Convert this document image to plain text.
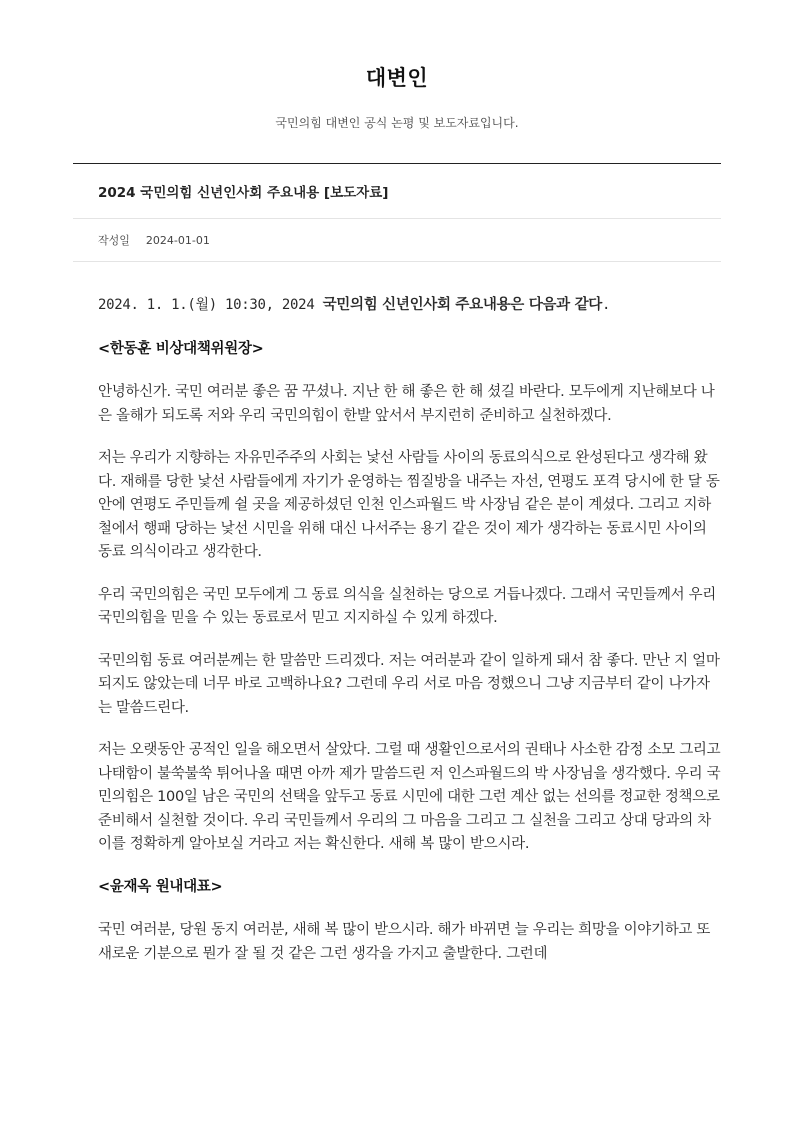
대변인
국민의힘 대변인 공식 논평 및 보도자료입니다.
2024 국민의힘 신년인사회 주요내용 [보도자료]
작성일 2024-01-01

2024. 1. 1.(월) 10:30, 2024 국민의힘 신년인사회 주요내용은 다음과 같다.

<한동훈 비상대책위원장>

안녕하신가. 국민 여러분 좋은 꿈 꾸셨나. 지난 한 해 좋은 한 해 셨길 바란다. 모두에게 지난해보다 나은 올해가 되도록 저와 우리 국민의힘이 한발 앞서서 부지런히 준비하고 실천하겠다.

저는 우리가 지향하는 자유민주주의 사회는 낯선 사람들 사이의 동료의식으로 완성된다고 생각해 왔다. 재해를 당한 낯선 사람들에게 자기가 운영하는 찜질방을 내주는 자선, 연평도 포격 당시에 한 달 동안에 연평도 주민들께 쉴 곳을 제공하셨던 인천 인스파월드 박 사장님 같은 분이 계셨다. 그리고 지하철에서 행패 당하는 낯선 시민을 위해 대신 나서주는 용기 같은 것이 제가 생각하는 동료시민 사이의 동료 의식이라고 생각한다.

우리 국민의힘은 국민 모두에게 그 동료 의식을 실천하는 당으로 거듭나겠다. 그래서 국민들께서 우리 국민의힘을 믿을 수 있는 동료로서 믿고 지지하실 수 있게 하겠다.

국민의힘 동료 여러분께는 한 말씀만 드리겠다. 저는 여러분과 같이 일하게 돼서 참 좋다. 만난 지 얼마 되지도 않았는데 너무 바로 고백하나요? 그런데 우리 서로 마음 정했으니 그냥 지금부터 같이 나가자는 말씀드린다.

저는 오랫동안 공적인 일을 해오면서 살았다. 그럴 때 생활인으로서의 권태나 사소한 감정 소모 그리고 나태함이 불쑥불쑥 튀어나올 때면 아까 제가 말씀드린 저 인스파월드의 박 사장님을 생각했다. 우리 국민의힘은 100일 남은 국민의 선택을 앞두고 동료 시민에 대한 그런 계산 없는 선의를 정교한 정책으로 준비해서 실천할 것이다. 우리 국민들께서 우리의 그 마음을 그리고 그 실천을 그리고 상대 당과의 차이를 정확하게 알아보실 거라고 저는 확신한다. 새해 복 많이 받으시라.

<윤재옥 원내대표>

국민 여러분, 당원 동지 여러분, 새해 복 많이 받으시라. 해가 바뀌면 늘 우리는 희망을 이야기하고 또 새로운 기분으로 뭔가 잘 될 것 같은 그런 생각을 가지고 출발한다. 그런데
